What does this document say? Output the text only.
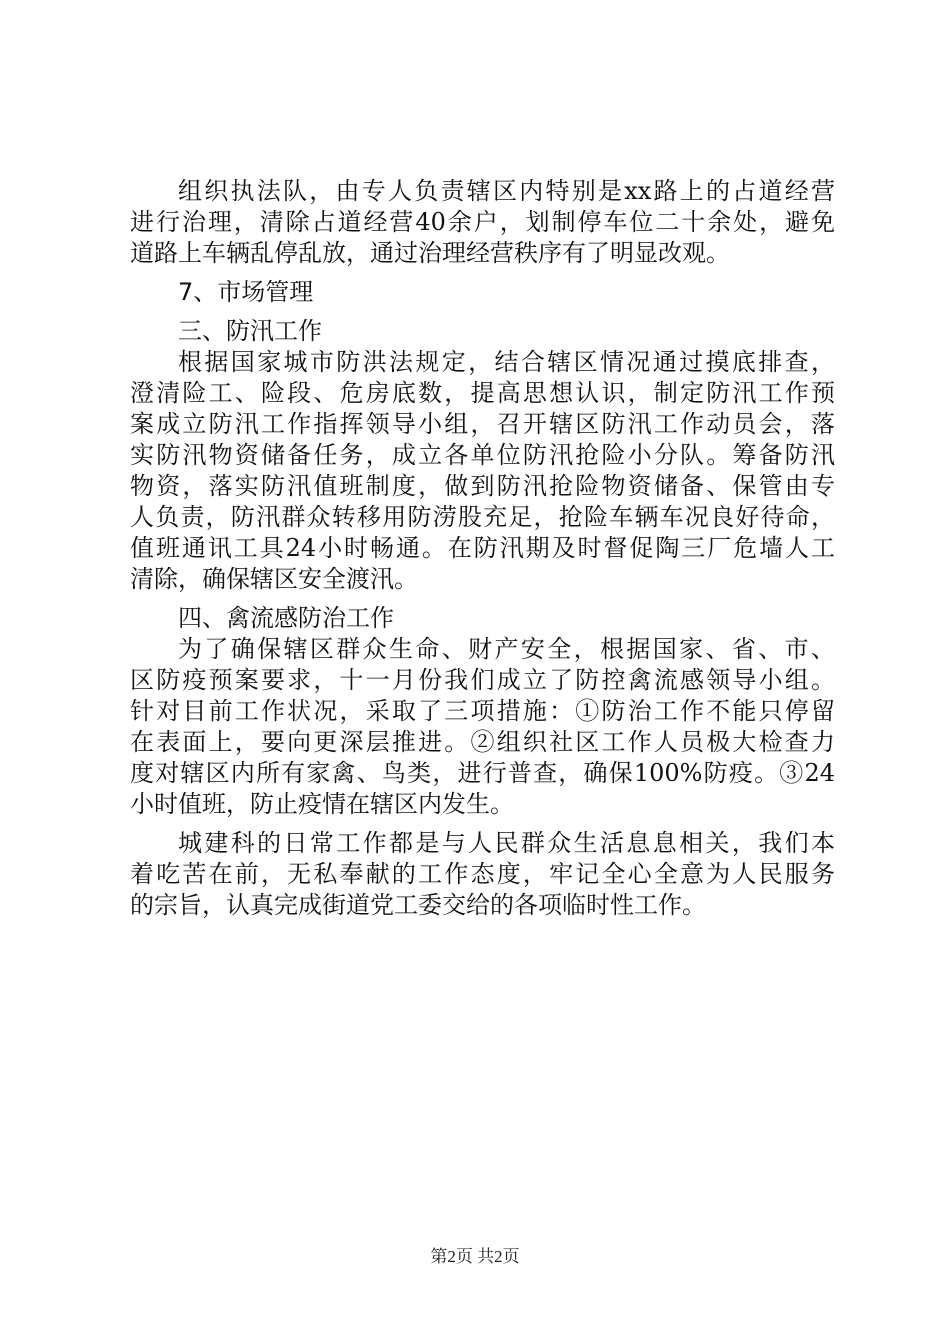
组织执法队，由专人负责辖区内特别是xx路上的占道经营
进行治理，清除占道经营40余户，划制停车位二十余处，避免
道路上车辆乱停乱放，通过治理经营秩序有了明显改观。
7、市场管理
三、防汛工作
根据国家城市防洪法规定，结合辖区情况通过摸底排查，
澄清险工、险段、危房底数，提高思想认识，制定防汛工作预
案成立防汛工作指挥领导小组，召开辖区防汛工作动员会，落
实防汛物资储备任务，成立各单位防汛抢险小分队。筹备防汛
物资，落实防汛值班制度，做到防汛抢险物资储备、保管由专
人负责，防汛群众转移用防涝股充足，抢险车辆车况良好待命，
值班通讯工具24小时畅通。在防汛期及时督促陶三厂危墙人工
清除，确保辖区安全渡汛。
四、禽流感防治工作
为了确保辖区群众生命、财产安全，根据国家、省、市、
区防疫预案要求，十一月份我们成立了防控禽流感领导小组。
针对目前工作状况，采取了三项措施：①防治工作不能只停留
在表面上，要向更深层推进。②组织社区工作人员极大检查力
度对辖区内所有家禽、鸟类，进行普查，确保100%防疫。③24
小时值班，防止疫情在辖区内发生。
城建科的日常工作都是与人民群众生活息息相关，我们本
着吃苦在前，无私奉献的工作态度，牢记全心全意为人民服务
的宗旨，认真完成街道党工委交给的各项临时性工作。
第2页 共2页
